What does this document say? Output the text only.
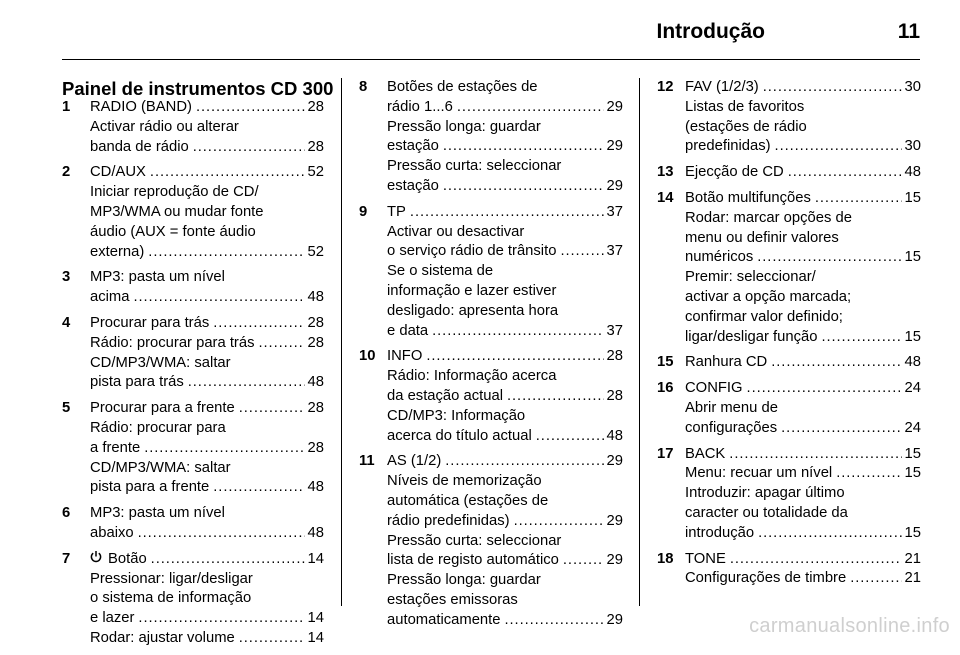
Introdução	11
Painel de instrumentos CD 300
1 RADIO (BAND) . . .	28
Activar rádio ou alterar
banda de rádio . . .	28
2 CD/AUX . . .	52
Iniciar reprodução de CD/
MP3/WMA ou mudar fonte
áudio (AUX = fonte áudio
externa) . . .	52
3 MP3: pasta um nível
acima . . .	48
4 Procurar para trás . . .	28
Rádio: procurar para trás . . .	28
CD/MP3/WMA: saltar
pista para trás . . .	48
5 Procurar para a frente . . .	28
Rádio: procurar para
a frente . . .	28
CD/MP3/WMA: saltar
pista para a frente . . .	48
6 MP3: pasta um nível
abaixo . . .	48
7	Botão . . .	14
Pressionar: ligar/desligar
o sistema de informação
e lazer . . .	14
Rodar: ajustar volume . . .	14
8 Botões de estações de
rádio 1...6 . . .	29
Pressão longa: guardar
estação . . .	29
Pressão curta: seleccionar
estação . . .	29
9 TP . . .	37
Activar ou desactivar
o serviço rádio de trânsito . . .	37
Se o sistema de
informação e lazer estiver
desligado: apresenta hora
e data . . .	37
10 INFO . . .	28
Rádio: Informação acerca
da estação actual . . .	28
CD/MP3: Informação
acerca do título actual . . .	48
11 AS (1/2) . . .	29
Níveis de memorização
automática (estações de
rádio predefinidas) . . .	29
Pressão curta: seleccionar
lista de registo automático . . .	29
Pressão longa: guardar
estações emissoras
automaticamente . . .	29
12 FAV (1/2/3) . . .	30
Listas de favoritos
(estações de rádio
predefinidas) . . .	30
13 Ejecção de CD . . .	48
14 Botão multifunções . . .	15
Rodar: marcar opções de
menu ou definir valores
numéricos . . .	15
Premir: seleccionar/
activar a opção marcada;
confirmar valor definido;
ligar/desligar função . . .	15
15 Ranhura CD . . .	48
16 CONFIG . . .	24
Abrir menu de
configurações . . .	24
17 BACK . . .	15
Menu: recuar um nível . . .	15
Introduzir: apagar último
caracter ou totalidade da
introdução . . .	15
18 TONE . . .	21
Configurações de timbre . . .	21
carmanualsonline.info
